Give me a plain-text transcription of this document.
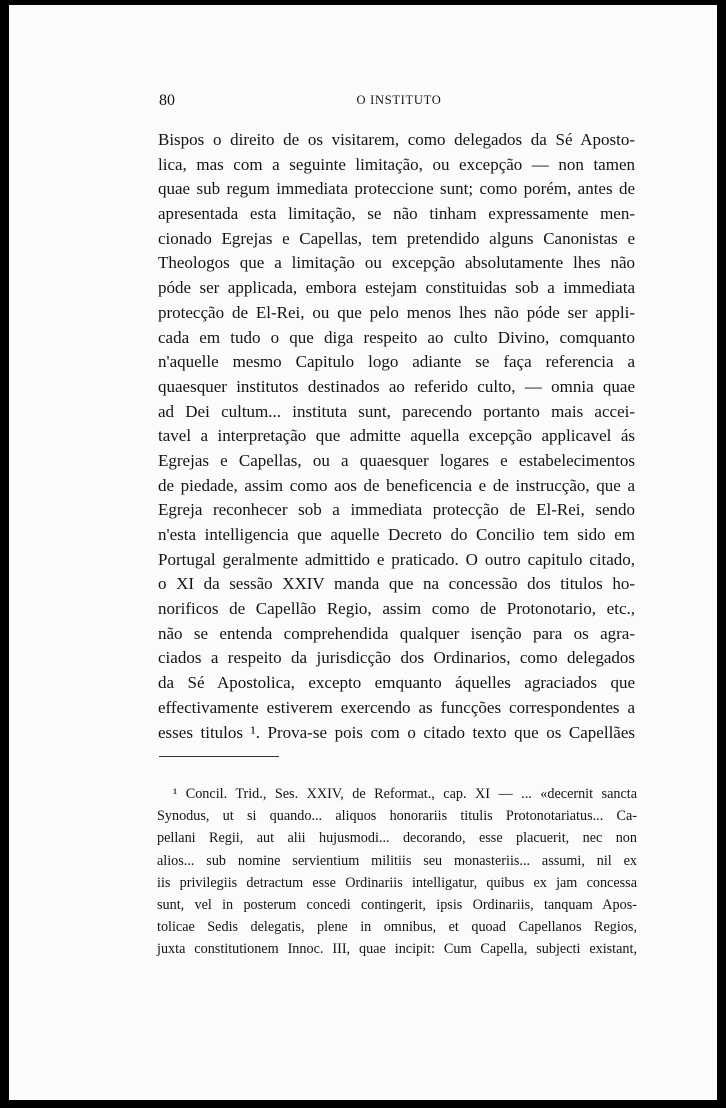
80	O INSTITUTO
Bispos o direito de os visitarem, como delegados da Sé Aposto-
lica, mas com a seguinte limitação, ou excepção — non tamen
quae sub regum immediata proteccione sunt; como porém, antes de
apresentada esta limitação, se não tinham expressamente men-
cionado Egrejas e Capellas, tem pretendido alguns Canonistas e
Theologos que a limitação ou excepção absolutamente lhes não
póde ser applicada, embora estejam constituidas sob a immediata
protecção de El-Rei, ou que pelo menos lhes não póde ser appli-
cada em tudo o que diga respeito ao culto Divino, comquanto
n'aquelle mesmo Capitulo logo adiante se faça referencia a
quaesquer institutos destinados ao referido culto, — omnia quae
ad Dei cultum... instituta sunt, parecendo portanto mais accei-
tavel a interpretação que admitte aquella excepção applicavel ás
Egrejas e Capellas, ou a quaesquer logares e estabelecimentos
de piedade, assim como aos de beneficencia e de instrucção, que a
Egreja reconhecer sob a immediata protecção de El-Rei, sendo
n'esta intelligencia que aquelle Decreto do Concilio tem sido em
Portugal geralmente admittido e praticado. O outro capitulo citado,
o XI da sessão XXIV manda que na concessão dos titulos ho-
norificos de Capellão Regio, assim como de Protonotario, etc.,
não se entenda comprehendida qualquer isenção para os agra-
ciados a respeito da jurisdicção dos Ordinarios, como delegados
da Sé Apostolica, excepto emquanto áquelles agraciados que
effectivamente estiverem exercendo as funcções correspondentes a
esses titulos ¹. Prova-se pois com o citado texto que os Capellães
¹ Concil. Trid., Ses. XXIV, de Reformat., cap. XI — ... «decernit sancta
Synodus, ut si quando... aliquos honorariis titulis Protonotariatus... Ca-
pellani Regii, aut alii hujusmodi... decorando, esse placuerit, nec non
alios... sub nomine servientium militiis seu monasteriis... assumi, nil ex
iis privilegiis detractum esse Ordinariis intelligatur, quibus ex jam concessa
sunt, vel in posterum concedi contingerit, ipsis Ordinariis, tanquam Apos-
tolicae Sedis delegatis, plene in omnibus, et quoad Capellanos Regios,
juxta constitutionem Innoc. III, quae incipit: Cum Capella, subjecti existant,
